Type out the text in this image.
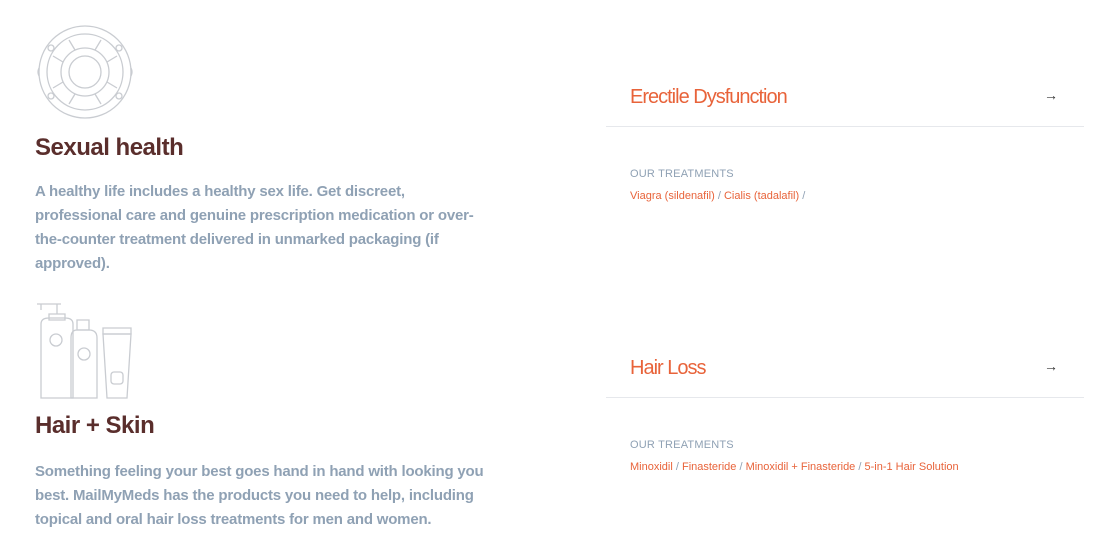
Sexual health

A healthy life includes a healthy sex life. Get discreet, professional care and genuine prescription medication or over-the-counter treatment delivered in unmarked packaging (if approved).

Hair + Skin

Something feeling your best goes hand in hand with looking you best. MailMyMeds has the products you need to help, including topical and oral hair loss treatments for men and women.

Erectile Dysfunction	→
OUR TREATMENTS
Viagra (sildenafil) / Cialis (tadalafil) /
Hair Loss	→
OUR TREATMENTS
Minoxidil / Finasteride / Minoxidil + Finasteride / 5-in-1 Hair Solution
